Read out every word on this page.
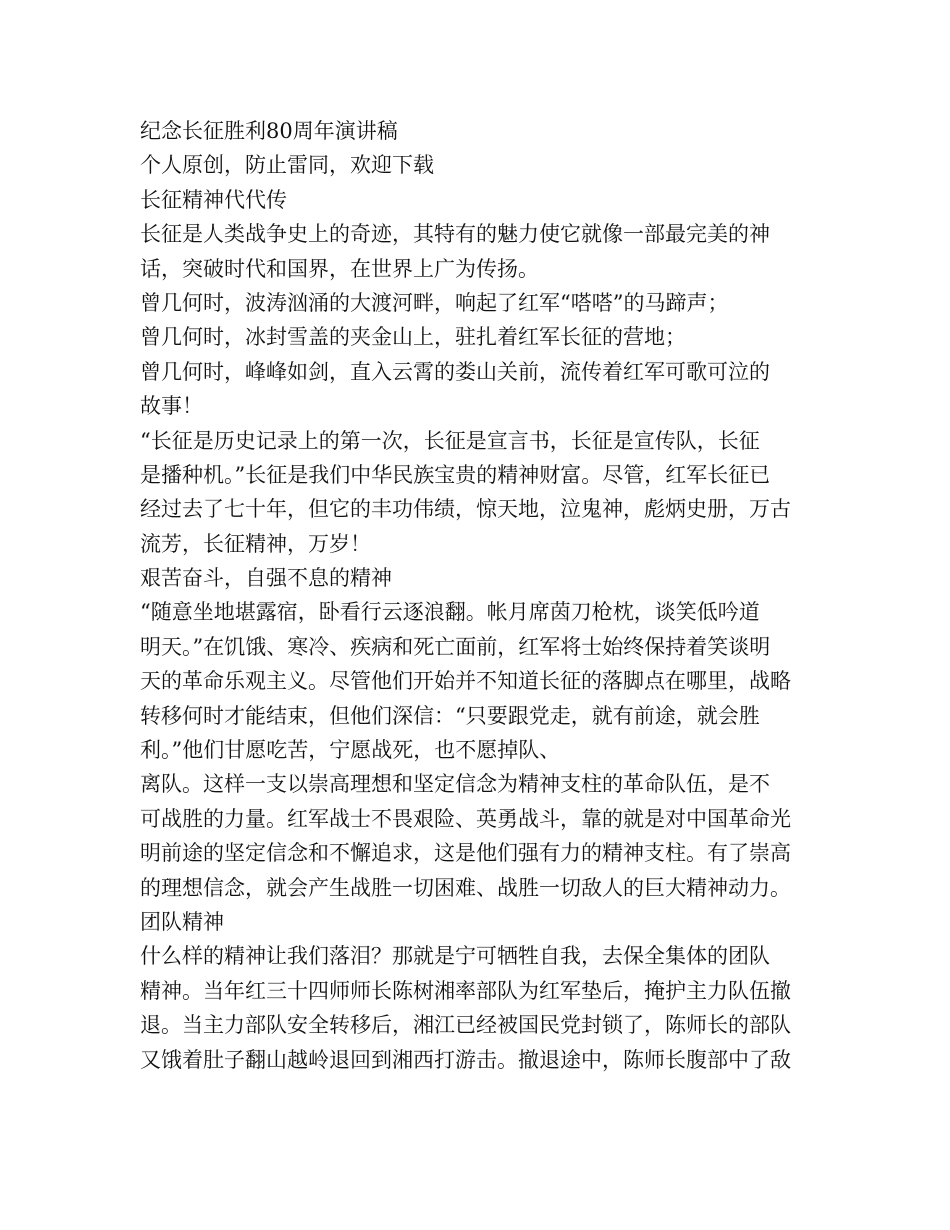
纪念长征胜利80周年演讲稿
个人原创，防止雷同，欢迎下载
长征精神代代传
长征是人类战争史上的奇迹，其特有的魅力使它就像一部最完美的神
话，突破时代和国界，在世界上广为传扬。
曾几何时，波涛汹涌的大渡河畔，响起了红军“嗒嗒”的马蹄声；
曾几何时，冰封雪盖的夹金山上，驻扎着红军长征的营地；
曾几何时，峰峰如剑，直入云霄的娄山关前，流传着红军可歌可泣的
故事！
“长征是历史记录上的第一次，长征是宣言书，长征是宣传队，长征
是播种机。”长征是我们中华民族宝贵的精神财富。尽管，红军长征已
经过去了七十年，但它的丰功伟绩，惊天地，泣鬼神，彪炳史册，万古
流芳，长征精神，万岁！
艰苦奋斗，自强不息的精神
“随意坐地堪露宿，卧看行云逐浪翻。帐月席茵刀枪枕，谈笑低吟道
明天。”在饥饿、寒冷、疾病和死亡面前，红军将士始终保持着笑谈明
天的革命乐观主义。尽管他们开始并不知道长征的落脚点在哪里，战略
转移何时才能结束，但他们深信：“只要跟党走，就有前途，就会胜
利。”他们甘愿吃苦，宁愿战死，也不愿掉队、
离队。这样一支以崇高理想和坚定信念为精神支柱的革命队伍，是不
可战胜的力量。红军战士不畏艰险、英勇战斗，靠的就是对中国革命光
明前途的坚定信念和不懈追求，这是他们强有力的精神支柱。有了崇高
的理想信念，就会产生战胜一切困难、战胜一切敌人的巨大精神动力。
团队精神
什么样的精神让我们落泪？那就是宁可牺牲自我，去保全集体的团队
精神。当年红三十四师师长陈树湘率部队为红军垫后，掩护主力队伍撤
退。当主力部队安全转移后，湘江已经被国民党封锁了，陈师长的部队
又饿着肚子翻山越岭退回到湘西打游击。撤退途中，陈师长腹部中了敌
